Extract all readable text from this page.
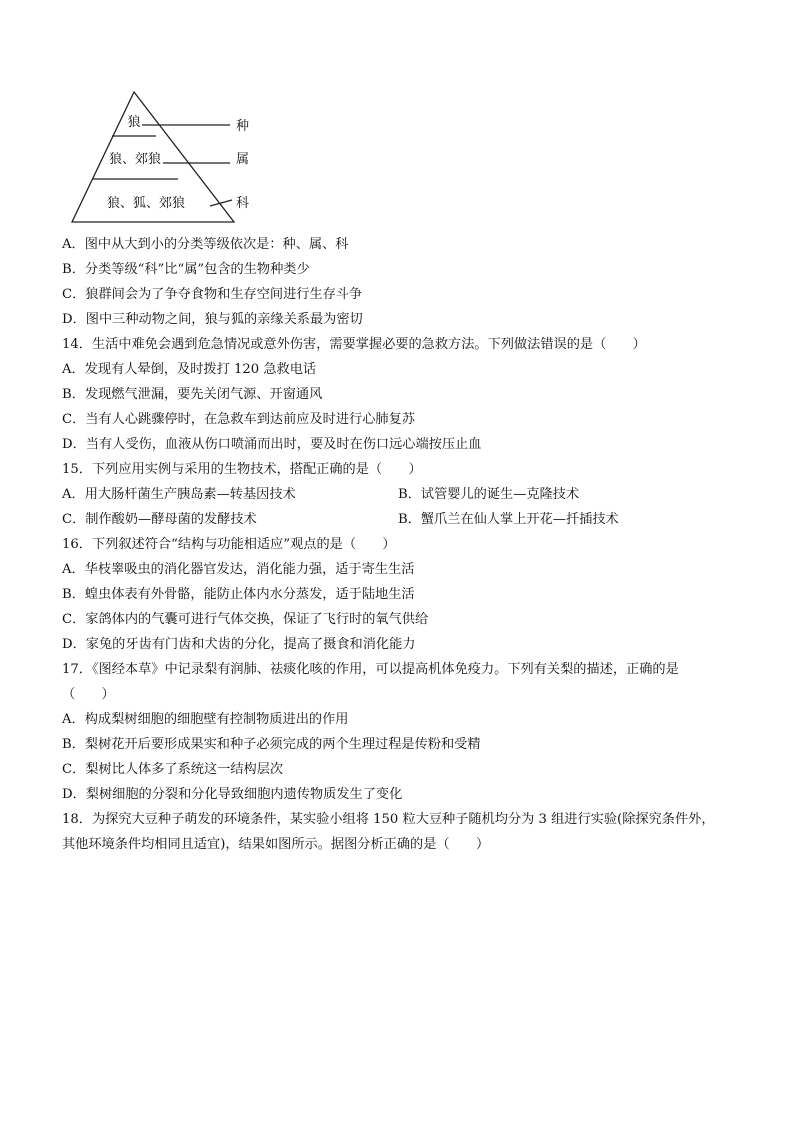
狼
狼、郊狼
狼、狐、郊狼
种
属
科
A．图中从大到小的分类等级依次是：种、属、科
B．分类等级“科”比“属”包含的生物种类少
C．狼群间会为了争夺食物和生存空间进行生存斗争
D．图中三种动物之间，狼与狐的亲缘关系最为密切
14．生活中难免会遇到危急情况或意外伤害，需要掌握必要的急救方法。下列做法错误的是（　　）
A．发现有人晕倒，及时拨打 120 急救电话
B．发现燃气泄漏，要先关闭气源、开窗通风
C．当有人心跳骤停时，在急救车到达前应及时进行心肺复苏
D．当有人受伤，血液从伤口喷涌而出时，要及时在伤口远心端按压止血
15．下列应用实例与采用的生物技术，搭配正确的是（　　）
A．用大肠杆菌生产胰岛素—转基因技术	B．试管婴儿的诞生—克隆技术
C．制作酸奶—酵母菌的发酵技术	B．蟹爪兰在仙人掌上开花—扦插技术
16．下列叙述符合“结构与功能相适应”观点的是（　　）
A．华枝睾吸虫的消化器官发达，消化能力强，适于寄生生活
B．蝗虫体表有外骨骼，能防止体内水分蒸发，适于陆地生活
C．家鸽体内的气囊可进行气体交换，保证了飞行时的氧气供给
D．家兔的牙齿有门齿和犬齿的分化，提高了摄食和消化能力
17．《图经本草》中记录梨有润肺、祛痰化咳的作用，可以提高机体免疫力。下列有关梨的描述，正确的是
（　　）
A．构成梨树细胞的细胞壁有控制物质进出的作用
B．梨树花开后要形成果实和种子必须完成的两个生理过程是传粉和受精
C．梨树比人体多了系统这一结构层次
D．梨树细胞的分裂和分化导致细胞内遗传物质发生了变化
18．为探究大豆种子萌发的环境条件，某实验小组将 150 粒大豆种子随机均分为 3 组进行实验(除探究条件外，
其他环境条件均相同且适宜)，结果如图所示。据图分析正确的是（　　）
